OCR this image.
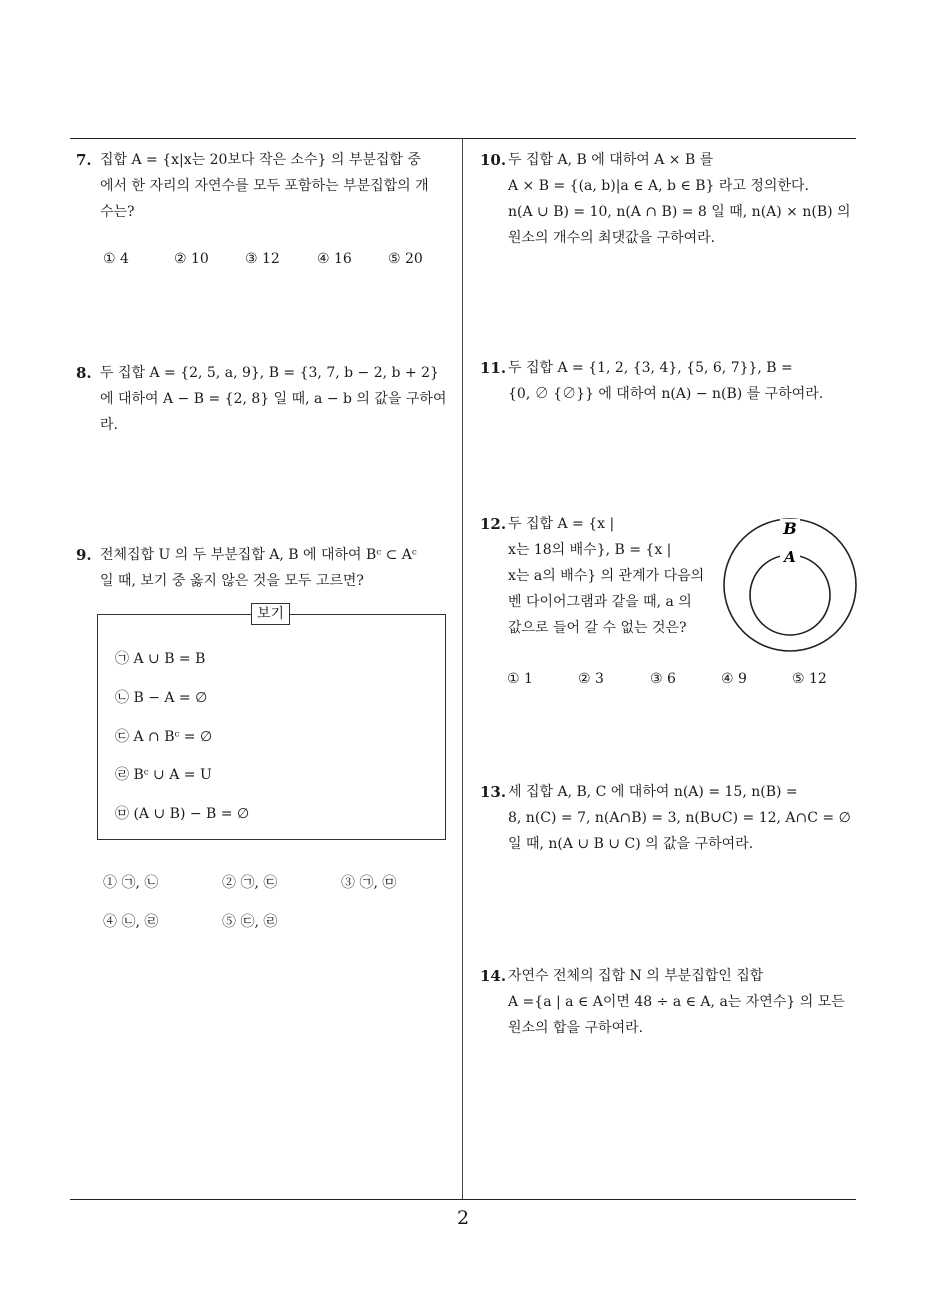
7. 집합 A = {x|x는 20보다 작은 소수} 의 부분집합 중
에서 한 자리의 자연수를 모두 포함하는 부분집합의 개
수는?
① 4	② 10	③ 12	④ 16	⑤ 20
8. 두 집합 A = {2, 5, a, 9}, B = {3, 7, b − 2, b + 2}
에 대하여 A − B = {2, 8} 일 때, a − b 의 값을 구하여
라.
9. 전체집합 U 의 두 부분집합 A, B 에 대하여 Bᶜ ⊂ Aᶜ
일 때, 보기 중 옳지 않은 것을 모두 고르면?
보기
㉠ A ∪ B = B
㉡ B − A = ∅
㉢ A ∩ Bᶜ = ∅
㉣ Bᶜ ∪ A = U
㉤ (A ∪ B) − B = ∅
① ㉠, ㉡	② ㉠, ㉢	③ ㉠, ㉤
④ ㉡, ㉣	⑤ ㉢, ㉣
10. 두 집합 A, B 에 대하여 A × B 를
A × B = {(a, b)|a ∈ A, b ∈ B} 라고 정의한다.
n(A ∪ B) = 10, n(A ∩ B) = 8 일 때, n(A) × n(B) 의
원소의 개수의 최댓값을 구하여라.
11. 두 집합 A = {1, 2, {3, 4}, {5, 6, 7}}, B =
{0, ∅ {∅}} 에 대하여 n(A) − n(B) 를 구하여라.
12. 두 집합 A = {x |
x는 18의 배수}, B = {x |
x는 a의 배수} 의 관계가 다음의
벤 다이어그램과 같을 때, a 의
값으로 들어 갈 수 없는 것은?
B
A
① 1	② 3	③ 6	④ 9	⑤ 12
13. 세 집합 A, B, C 에 대하여 n(A) = 15, n(B) =
8, n(C) = 7, n(A∩B) = 3, n(B∪C) = 12, A∩C = ∅
일 때, n(A ∪ B ∪ C) 의 값을 구하여라.
14. 자연수 전체의 집합 N 의 부분집합인 집합
A ={a | a ∈ A이면 48 ÷ a ∈ A, a는 자연수} 의 모든
원소의 합을 구하여라.
2
